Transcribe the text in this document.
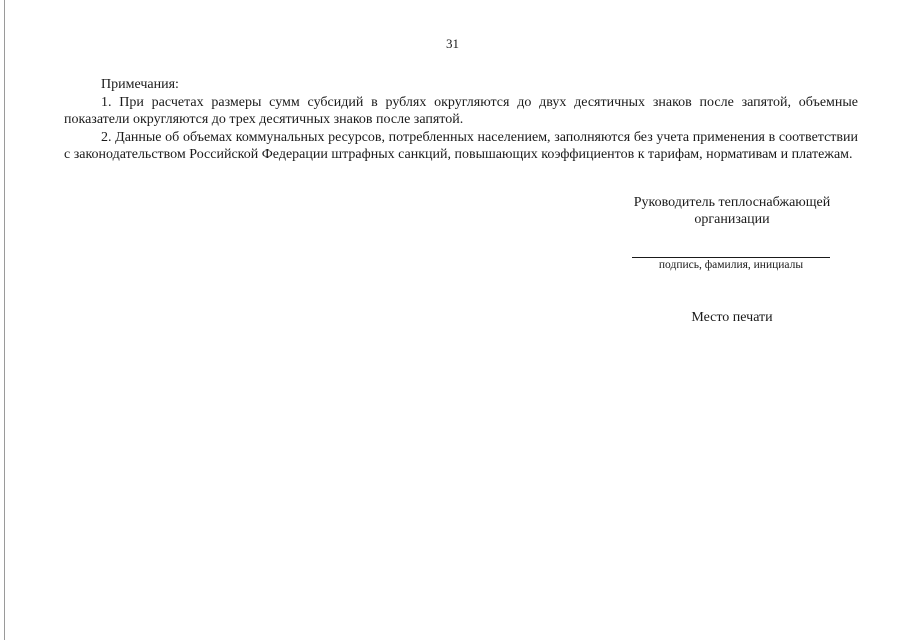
31

Примечания:

1. При расчетах размеры сумм субсидий в рублях округляются до двух десятичных знаков после запятой, объемные показатели округляются до трех десятичных знаков после запятой.

2. Данные об объемах коммунальных ресурсов, потребленных населением, заполняются без учета применения в соответствии с законодательством Российской Федерации штрафных санкций, повышающих коэффициентов к тарифам, нормативам и платежам.

Руководитель теплоснабжающей организации

подпись, фамилия, инициалы
Место печати
